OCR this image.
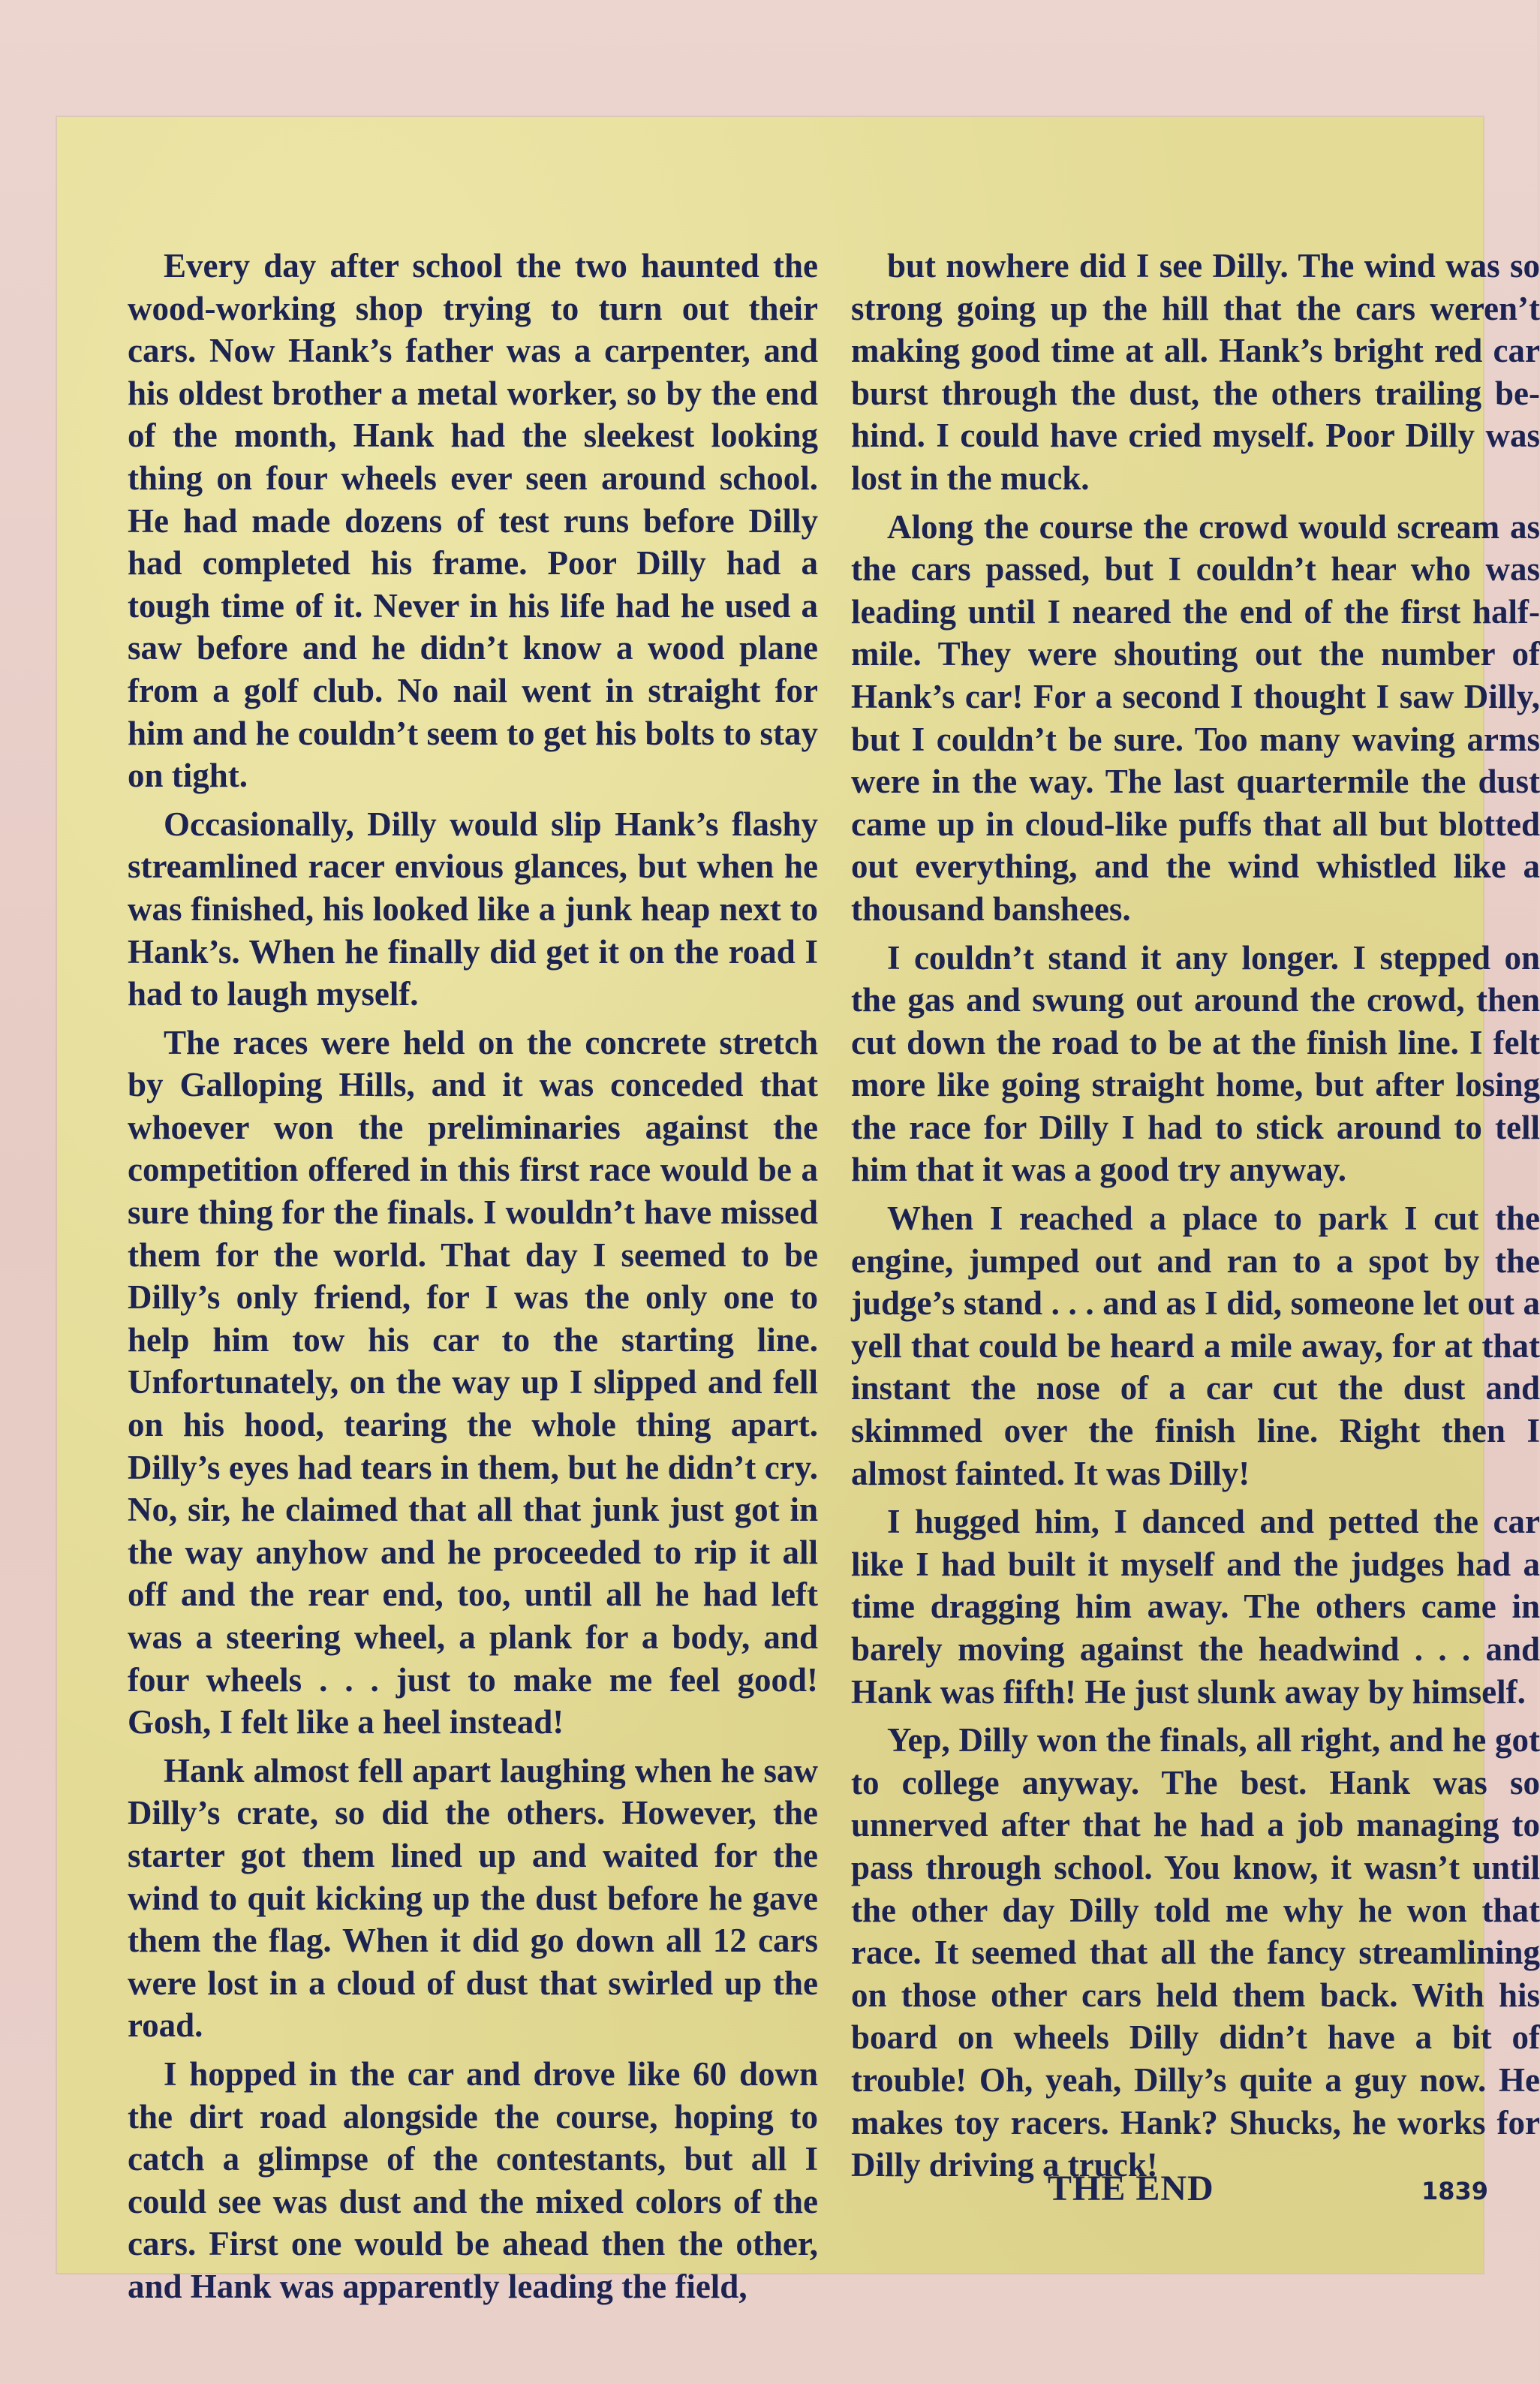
Every day after school the two haunted the wood-working shop trying to turn out their cars. Now Hank’s father was a carpenter, and his oldest brother a metal worker, so by the end of the month, Hank had the sleekest looking thing on four wheels ever seen around school. He had made dozens of test runs before Dilly had completed his frame. Poor Dilly had a tough time of it. Never in his life had he used a saw before and he didn’t know a wood plane from a golf club. No nail went in straight for him and he couldn’t seem to get his bolts to stay on tight.

Occasionally, Dilly would slip Hank’s flashy streamlined racer envious glances, but when he was finished, his looked like a junk heap next to Hank’s. When he finally did get it on the road I had to laugh myself.

The races were held on the concrete stretch by Galloping Hills, and it was conceded that whoever won the preliminaries against the competition offered in this first race would be a sure thing for the finals. I wouldn’t have missed them for the world. That day I seemed to be Dilly’s only friend, for I was the only one to help him tow his car to the starting line. Unfortunately, on the way up I slipped and fell on his hood, tearing the whole thing apart. Dilly’s eyes had tears in them, but he didn’t cry. No, sir, he claimed that all that junk just got in the way anyhow and he proceeded to rip it all off and the rear end, too, until all he had left was a steering wheel, a plank for a body, and four wheels . . . just to make me feel good! Gosh, I felt like a heel instead!

Hank almost fell apart laughing when he saw Dilly’s crate, so did the others. However, the starter got them lined up and waited for the wind to quit kicking up the dust before he gave them the flag. When it did go down all 12 cars were lost in a cloud of dust that swirled up the road.

I hopped in the car and drove like 60 down the dirt road alongside the course, hoping to catch a glimpse of the contestants, but all I could see was dust and the mixed colors of the cars. First one would be ahead then the other, and Hank was apparently leading the field,

but nowhere did I see Dilly. The wind was so strong going up the hill that the cars weren’t making good time at all. Hank’s bright red car burst through the dust, the others trailing behind. I could have cried myself. Poor Dilly was lost in the muck.

Along the course the crowd would scream as the cars passed, but I couldn’t hear who was leading until I neared the end of the first halfmile. They were shouting out the number of Hank’s car! For a second I thought I saw Dilly, but I couldn’t be sure. Too many waving arms were in the way. The last quartermile the dust came up in cloud-like puffs that all but blotted out everything, and the wind whistled like a thousand banshees.

I couldn’t stand it any longer. I stepped on the gas and swung out around the crowd, then cut down the road to be at the finish line. I felt more like going straight home, but after losing the race for Dilly I had to stick around to tell him that it was a good try anyway.

When I reached a place to park I cut the engine, jumped out and ran to a spot by the judge’s stand . . . and as I did, someone let out a yell that could be heard a mile away, for at that instant the nose of a car cut the dust and skimmed over the finish line. Right then I almost fainted. It was Dilly!

I hugged him, I danced and petted the car like I had built it myself and the judges had a time dragging him away. The others came in barely moving against the headwind . . . and Hank was fifth! He just slunk away by himself.

Yep, Dilly won the finals, all right, and he got to college anyway. The best. Hank was so unnerved after that he had a job managing to pass through school. You know, it wasn’t until the other day Dilly told me why he won that race. It seemed that all the fancy streamlining on those other cars held them back. With his board on wheels Dilly didn’t have a bit of trouble! Oh, yeah, Dilly’s quite a guy now. He makes toy racers. Hank? Shucks, he works for Dilly driving a truck!

THE END	1839
